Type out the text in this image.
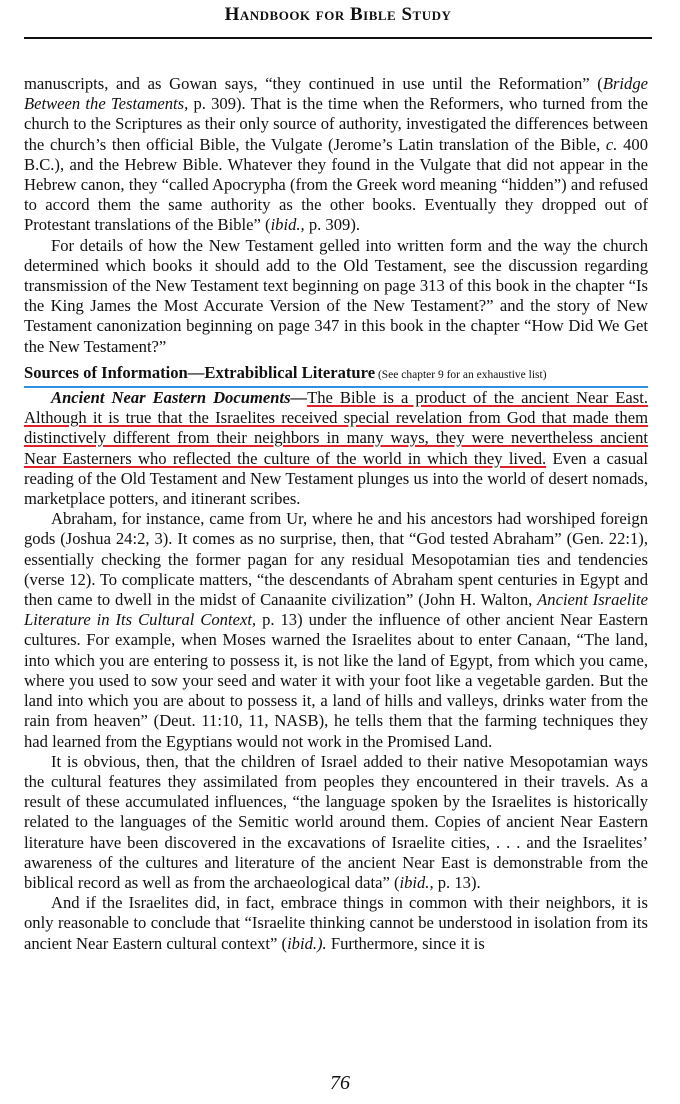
Handbook for Bible Study

manuscripts, and as Gowan says, “they continued in use until the Reformation” (Bridge Between the Testaments, p. 309). That is the time when the Reformers, who turned from the church to the Scriptures as their only source of authority, investigated the differences between the church’s then official Bible, the Vulgate (Jerome’s Latin translation of the Bible, c. 400 B.C.), and the Hebrew Bible. Whatever they found in the Vulgate that did not appear in the Hebrew canon, they “called Apocrypha (from the Greek word meaning “hidden”) and refused to accord them the same authority as the other books. Eventually they dropped out of Protestant translations of the Bible” (ibid., p. 309).

For details of how the New Testament gelled into written form and the way the church determined which books it should add to the Old Testament, see the discussion regarding transmission of the New Testament text beginning on page 313 of this book in the chapter “Is the King James the Most Accurate Version of the New Testament?” and the story of New Testament canonization beginning on page 347 in this book in the chapter “How Did We Get the New Testament?”

Sources of Information—Extrabiblical Literature (See chapter 9 for an exhaustive list)

Ancient Near Eastern Documents—The Bible is a product of the ancient Near East. Although it is true that the Israelites received special revelation from God that made them distinctively different from their neighbors in many ways, they were nevertheless ancient Near Easterners who reflected the culture of the world in which they lived. Even a casual reading of the Old Testament and New Testament plunges us into the world of desert nomads, marketplace potters, and itinerant scribes.

Abraham, for instance, came from Ur, where he and his ancestors had worshiped foreign gods (Joshua 24:2, 3). It comes as no surprise, then, that “God tested Abraham” (Gen. 22:1), essentially checking the former pagan for any residual Mesopotamian ties and tendencies (verse 12). To complicate matters, “the descendants of Abraham spent centuries in Egypt and then came to dwell in the midst of Canaanite civilization” (John H. Walton, Ancient Israelite Literature in Its Cultural Context, p. 13) under the influence of other ancient Near Eastern cultures. For example, when Moses warned the Israelites about to enter Canaan, “The land, into which you are entering to possess it, is not like the land of Egypt, from which you came, where you used to sow your seed and water it with your foot like a vegetable garden. But the land into which you are about to possess it, a land of hills and valleys, drinks water from the rain from heaven” (Deut. 11:10, 11, NASB), he tells them that the farming techniques they had learned from the Egyptians would not work in the Promised Land.

It is obvious, then, that the children of Israel added to their native Mesopotamian ways the cultural features they assimilated from peoples they encountered in their travels. As a result of these accumulated influences, “the language spoken by the Israelites is historically related to the languages of the Semitic world around them. Copies of ancient Near Eastern literature have been discovered in the excavations of Israelite cities, . . . and the Israelites’ awareness of the cultures and literature of the ancient Near East is demonstrable from the biblical record as well as from the archaeological data” (ibid., p. 13).

And if the Israelites did, in fact, embrace things in common with their neighbors, it is only reasonable to conclude that “Israelite thinking cannot be understood in isolation from its ancient Near Eastern cultural context” (ibid.). Furthermore, since it is

76
